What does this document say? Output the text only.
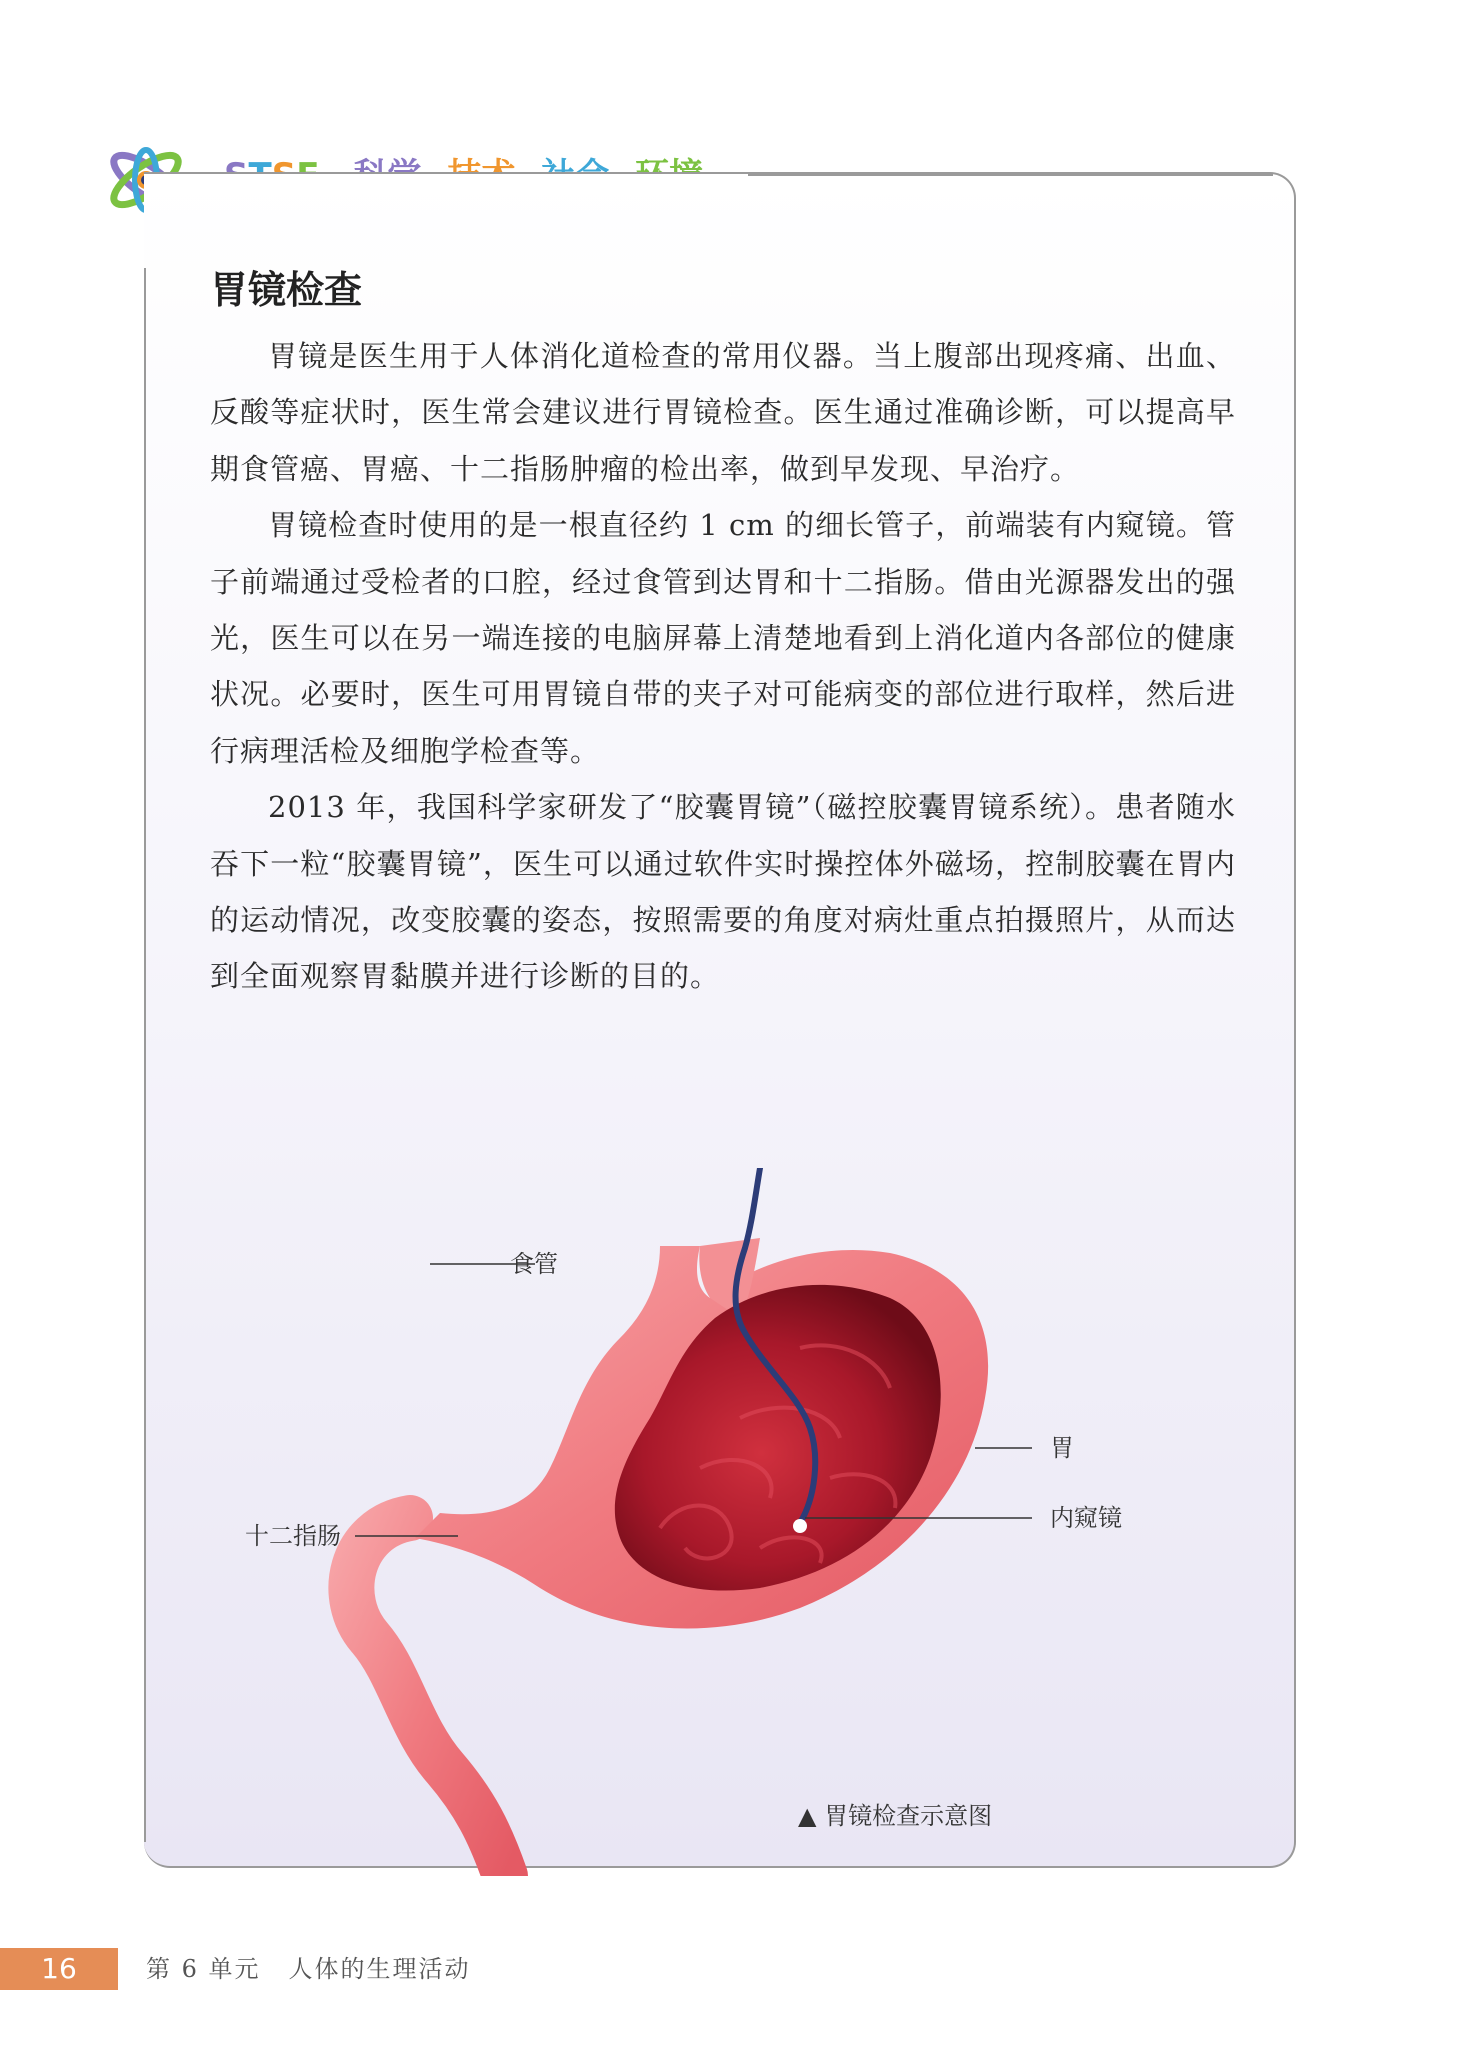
胃镜检查

胃镜是医生用于人体消化道检查的常用仪器。当上腹部出现疼痛、出血、反酸等症状时，医生常会建议进行胃镜检查。医生通过准确诊断，可以提高早期食管癌、胃癌、十二指肠肿瘤的检出率，做到早发现、早治疗。

胃镜检查时使用的是一根直径约 1 cm 的细长管子，前端装有内窥镜。管子前端通过受检者的口腔，经过食管到达胃和十二指肠。借由光源器发出的强光，医生可以在另一端连接的电脑屏幕上清楚地看到上消化道内各部位的健康状况。必要时，医生可用胃镜自带的夹子对可能病变的部位进行取样，然后进行病理活检及细胞学检查等。

2013 年，我国科学家研发了“胶囊胃镜”（磁控胶囊胃镜系统）。患者随水吞下一粒“胶囊胃镜”，医生可以通过软件实时操控体外磁场，控制胶囊在胃内的运动情况，改变胶囊的姿态，按照需要的角度对病灶重点拍摄照片，从而达到全面观察胃黏膜并进行诊断的目的。

食管
胃
内窥镜
十二指肠
▲ 胃镜检查示意图
16	第 6 单元 人体的生理活动
